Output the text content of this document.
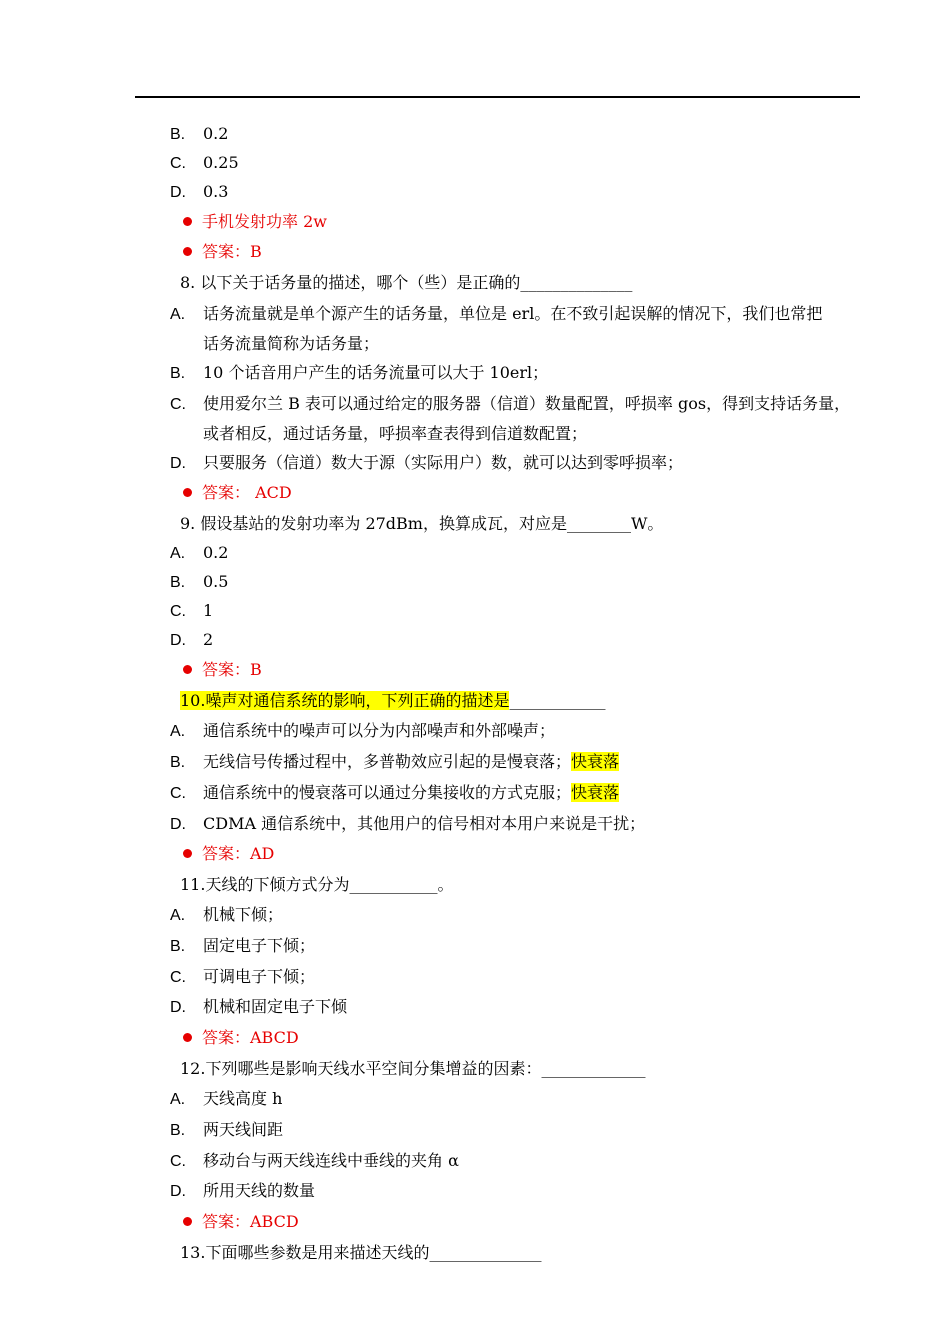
B. 0.2
C. 0.25
D. 0.3
手机发射功率 2w
答案：B
8. 以下关于话务量的描述，哪个（些）是正确的______________
A. 话务流量就是单个源产生的话务量，单位是 erl。在不致引起误解的情况下，我们也常把
话务流量简称为话务量；
B. 10 个话音用户产生的话务流量可以大于 10erl；
C. 使用爱尔兰 B 表可以通过给定的服务器（信道）数量配置，呼损率 gos，得到支持话务量，
或者相反，通过话务量，呼损率查表得到信道数配置；
D. 只要服务（信道）数大于源（实际用户）数，就可以达到零呼损率；
答案： ACD
9. 假设基站的发射功率为 27dBm，换算成瓦，对应是________W。
A. 0.2
B. 0.5
C. 1
D. 2
答案：B
10.噪声对通信系统的影响，下列正确的描述是____________
A. 通信系统中的噪声可以分为内部噪声和外部噪声；
B. 无线信号传播过程中，多普勒效应引起的是慢衰落；快衰落
C. 通信系统中的慢衰落可以通过分集接收的方式克服；快衰落
D. CDMA 通信系统中，其他用户的信号相对本用户来说是干扰；
答案：AD
11.天线的下倾方式分为___________。
A. 机械下倾；
B. 固定电子下倾；
C. 可调电子下倾；
D. 机械和固定电子下倾
答案：ABCD
12.下列哪些是影响天线水平空间分集增益的因素：_____________
A. 天线高度 h
B. 两天线间距
C. 移动台与两天线连线中垂线的夹角 α
D. 所用天线的数量
答案：ABCD
13.下面哪些参数是用来描述天线的______________
